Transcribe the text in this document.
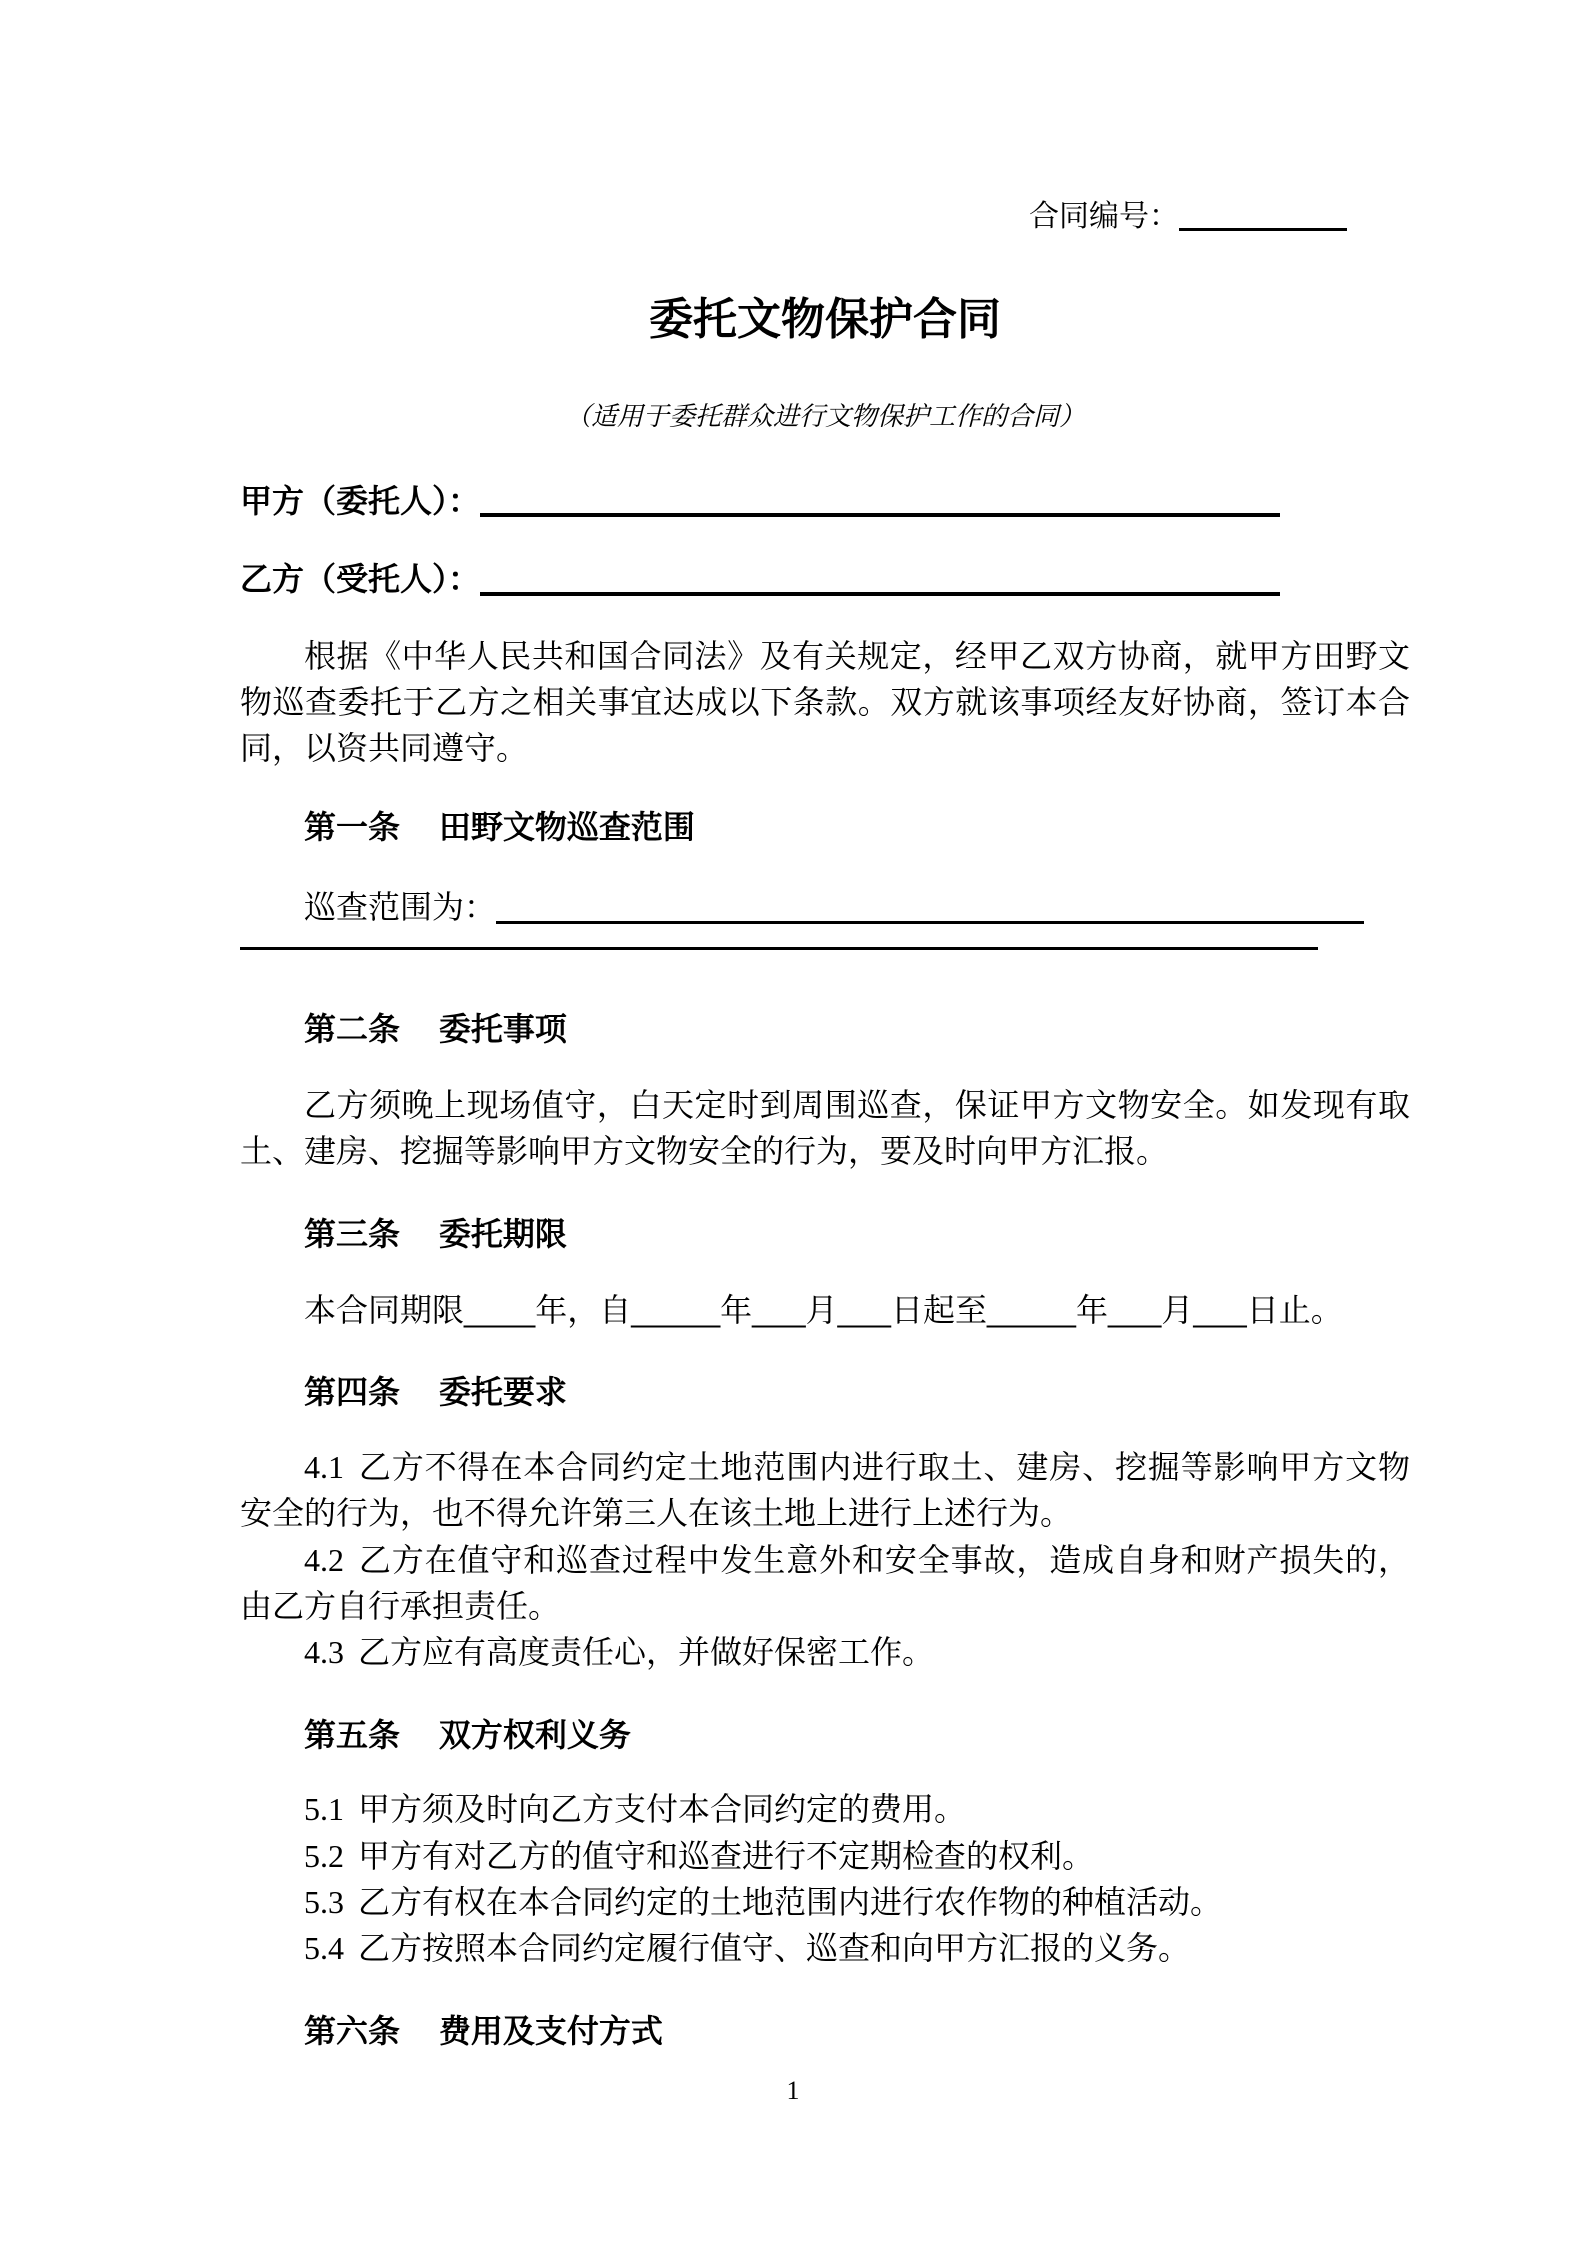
合同编号：
委托文物保护合同
（适用于委托群众进行文物保护工作的合同）
甲方（委托人）：
乙方（受托人）：

根据《中华人民共和国合同法》及有关规定，经甲乙双方协商，就甲方田野文物巡查委托于乙方之相关事宜达成以下条款。双方就该事项经友好协商，签订本合同，以资共同遵守。

第一条 田野文物巡查范围
巡查范围为：
第二条 委托事项

乙方须晚上现场值守，白天定时到周围巡查，保证甲方文物安全。如发现有取土、建房、挖掘等影响甲方文物安全的行为，要及时向甲方汇报。

第三条 委托期限

本合同期限____年，自_____年___月___日起至_____年___月___日止。

第四条 委托要求

4.1 乙方不得在本合同约定土地范围内进行取土、建房、挖掘等影响甲方文物安全的行为，也不得允许第三人在该土地上进行上述行为。

4.2 乙方在值守和巡查过程中发生意外和安全事故，造成自身和财产损失的，由乙方自行承担责任。

4.3 乙方应有高度责任心，并做好保密工作。

第五条 双方权利义务

5.1 甲方须及时向乙方支付本合同约定的费用。

5.2 甲方有对乙方的值守和巡查进行不定期检查的权利。

5.3 乙方有权在本合同约定的土地范围内进行农作物的种植活动。

5.4 乙方按照本合同约定履行值守、巡查和向甲方汇报的义务。

第六条 费用及支付方式
1
